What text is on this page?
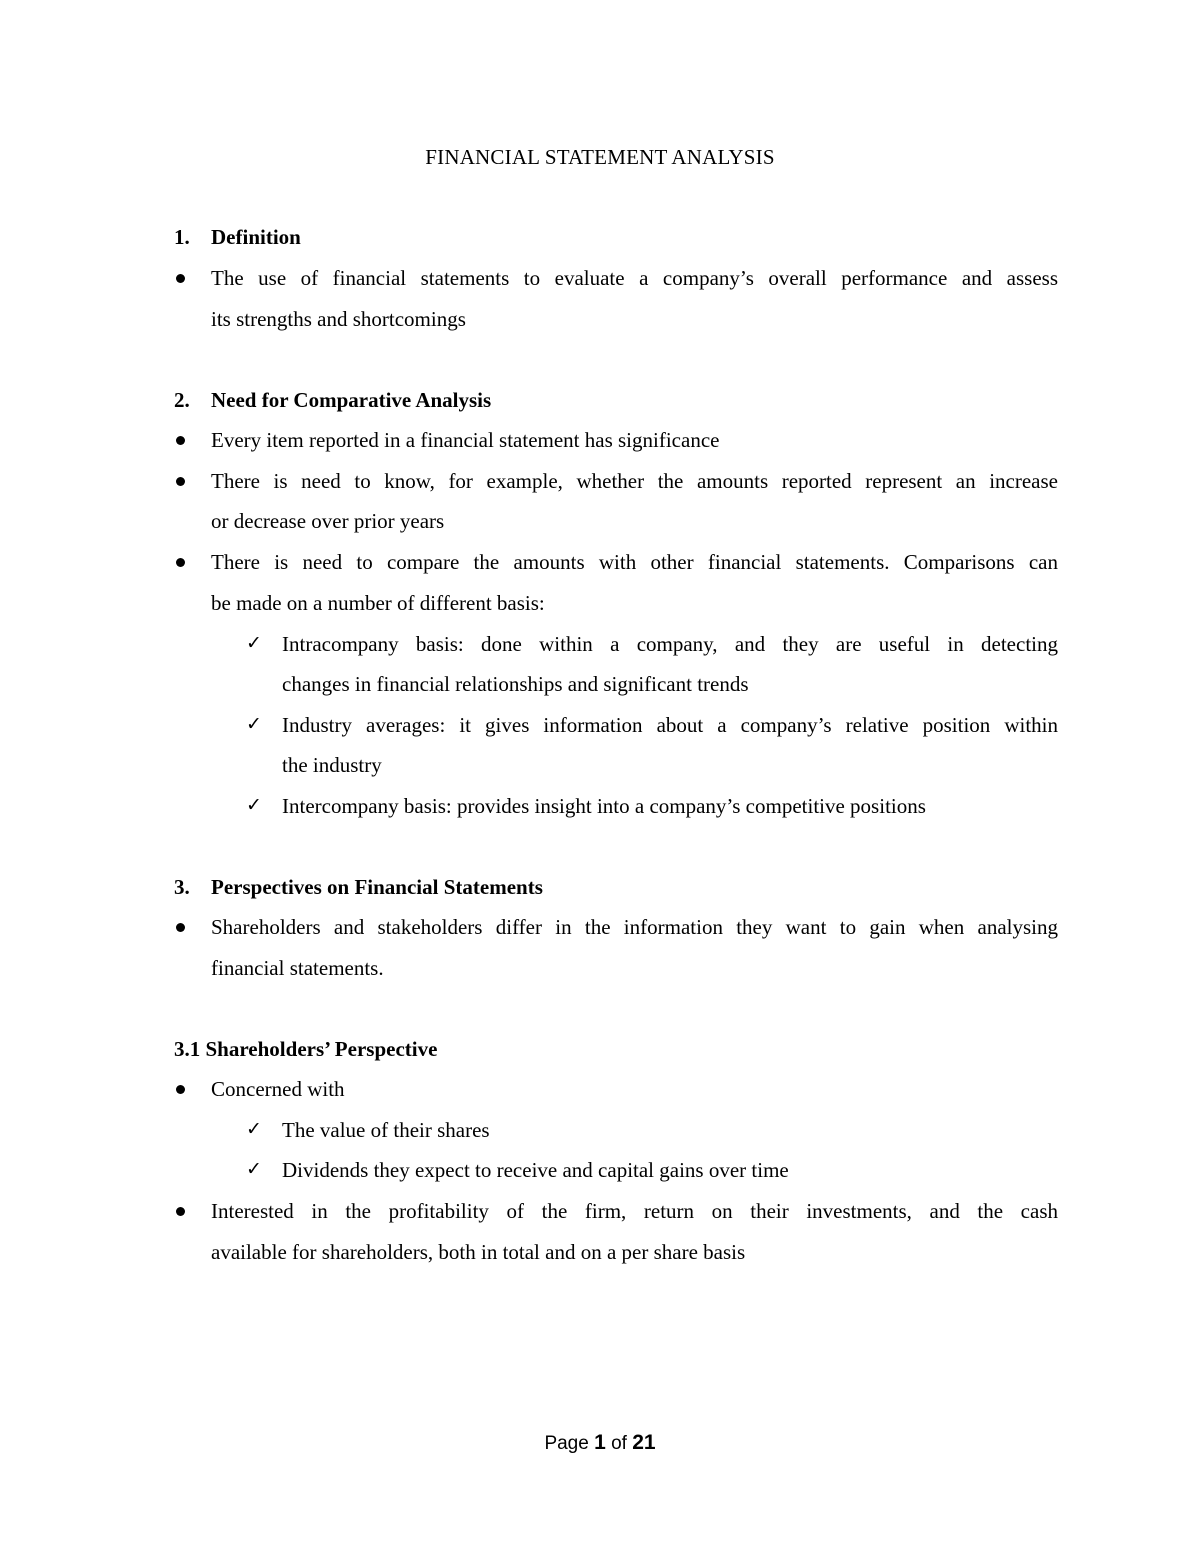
FINANCIAL STATEMENT ANALYSIS
1. Definition
The use of financial statements to evaluate a company’s overall performance and assess
its strengths and shortcomings
2. Need for Comparative Analysis
Every item reported in a financial statement has significance
There is need to know, for example, whether the amounts reported represent an increase
or decrease over prior years
There is need to compare the amounts with other financial statements. Comparisons can
be made on a number of different basis:
✓ Intracompany basis: done within a company, and they are useful in detecting
changes in financial relationships and significant trends
✓ Industry averages: it gives information about a company’s relative position within
the industry
✓ Intercompany basis: provides insight into a company’s competitive positions
3. Perspectives on Financial Statements
Shareholders and stakeholders differ in the information they want to gain when analysing
financial statements.
3.1 Shareholders’ Perspective
Concerned with
✓ The value of their shares
✓ Dividends they expect to receive and capital gains over time
Interested in the profitability of the firm, return on their investments, and the cash
available for shareholders, both in total and on a per share basis
Page 1 of 21
